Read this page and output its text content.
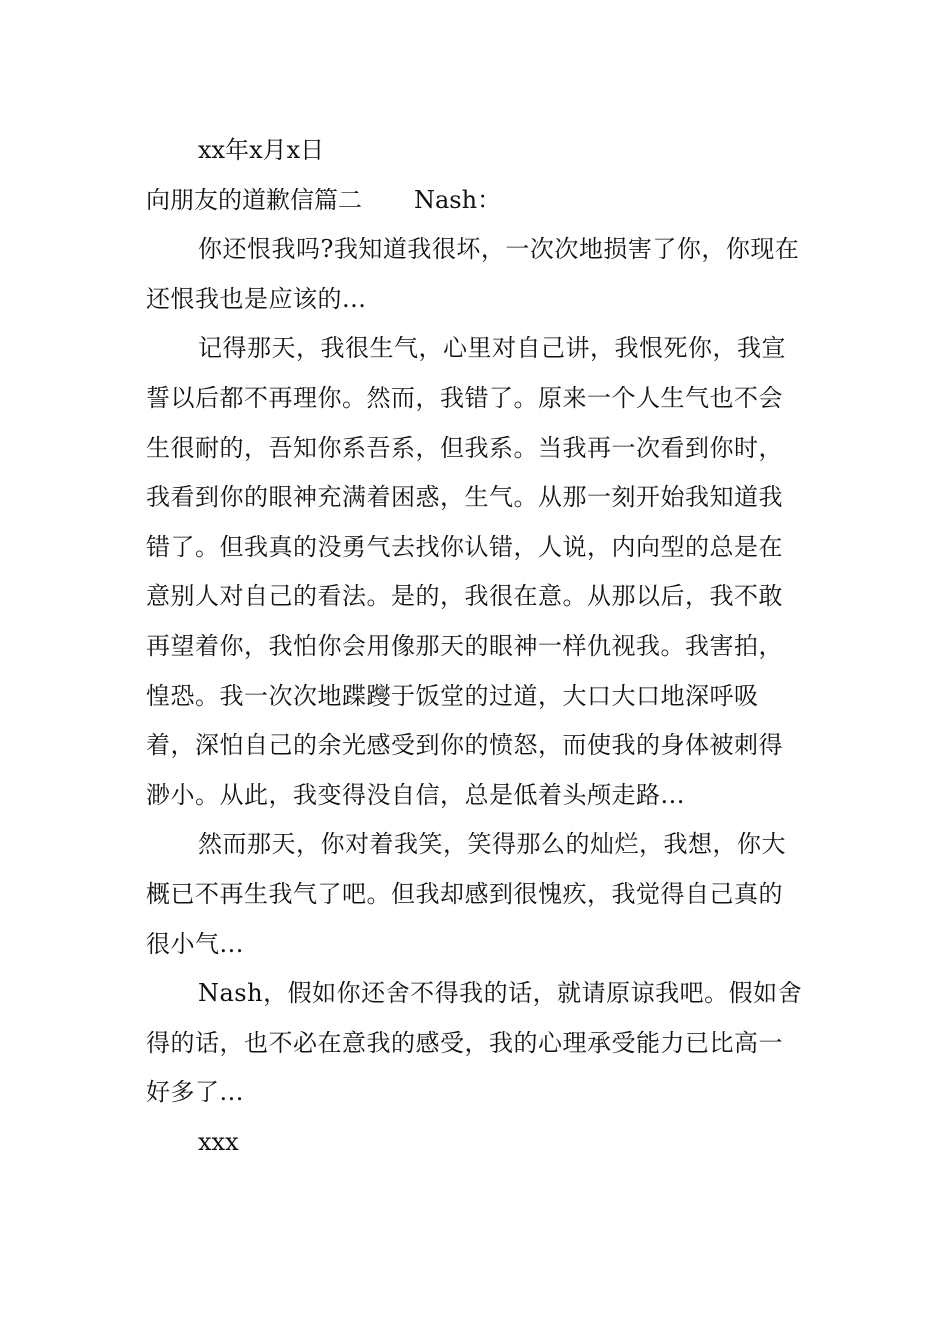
xx年x月x日

向朋友的道歉信篇二 Nash：

你还恨我吗?我知道我很坏，一次次地损害了你，你现在还恨我也是应该的...

记得那天，我很生气，心里对自己讲，我恨死你，我宣誓以后都不再理你。然而，我错了。原来一个人生气也不会生很耐的，吾知你系吾系，但我系。当我再一次看到你时，我看到你的眼神充满着困惑，生气。从那一刻开始我知道我错了。但我真的没勇气去找你认错，人说，内向型的总是在意别人对自己的看法。是的，我很在意。从那以后，我不敢再望着你，我怕你会用像那天的眼神一样仇视我。我害拍，惶恐。我一次次地蹀躞于饭堂的过道，大口大口地深呼吸着，深怕自己的余光感受到你的愤怒，而使我的身体被刺得渺小。从此，我变得没自信，总是低着头颅走路...

然而那天，你对着我笑，笑得那么的灿烂，我想，你大概已不再生我气了吧。但我却感到很愧疚，我觉得自己真的很小气...

Nash，假如你还舍不得我的话，就请原谅我吧。假如舍得的话，也不必在意我的感受，我的心理承受能力已比高一好多了...

xxx
